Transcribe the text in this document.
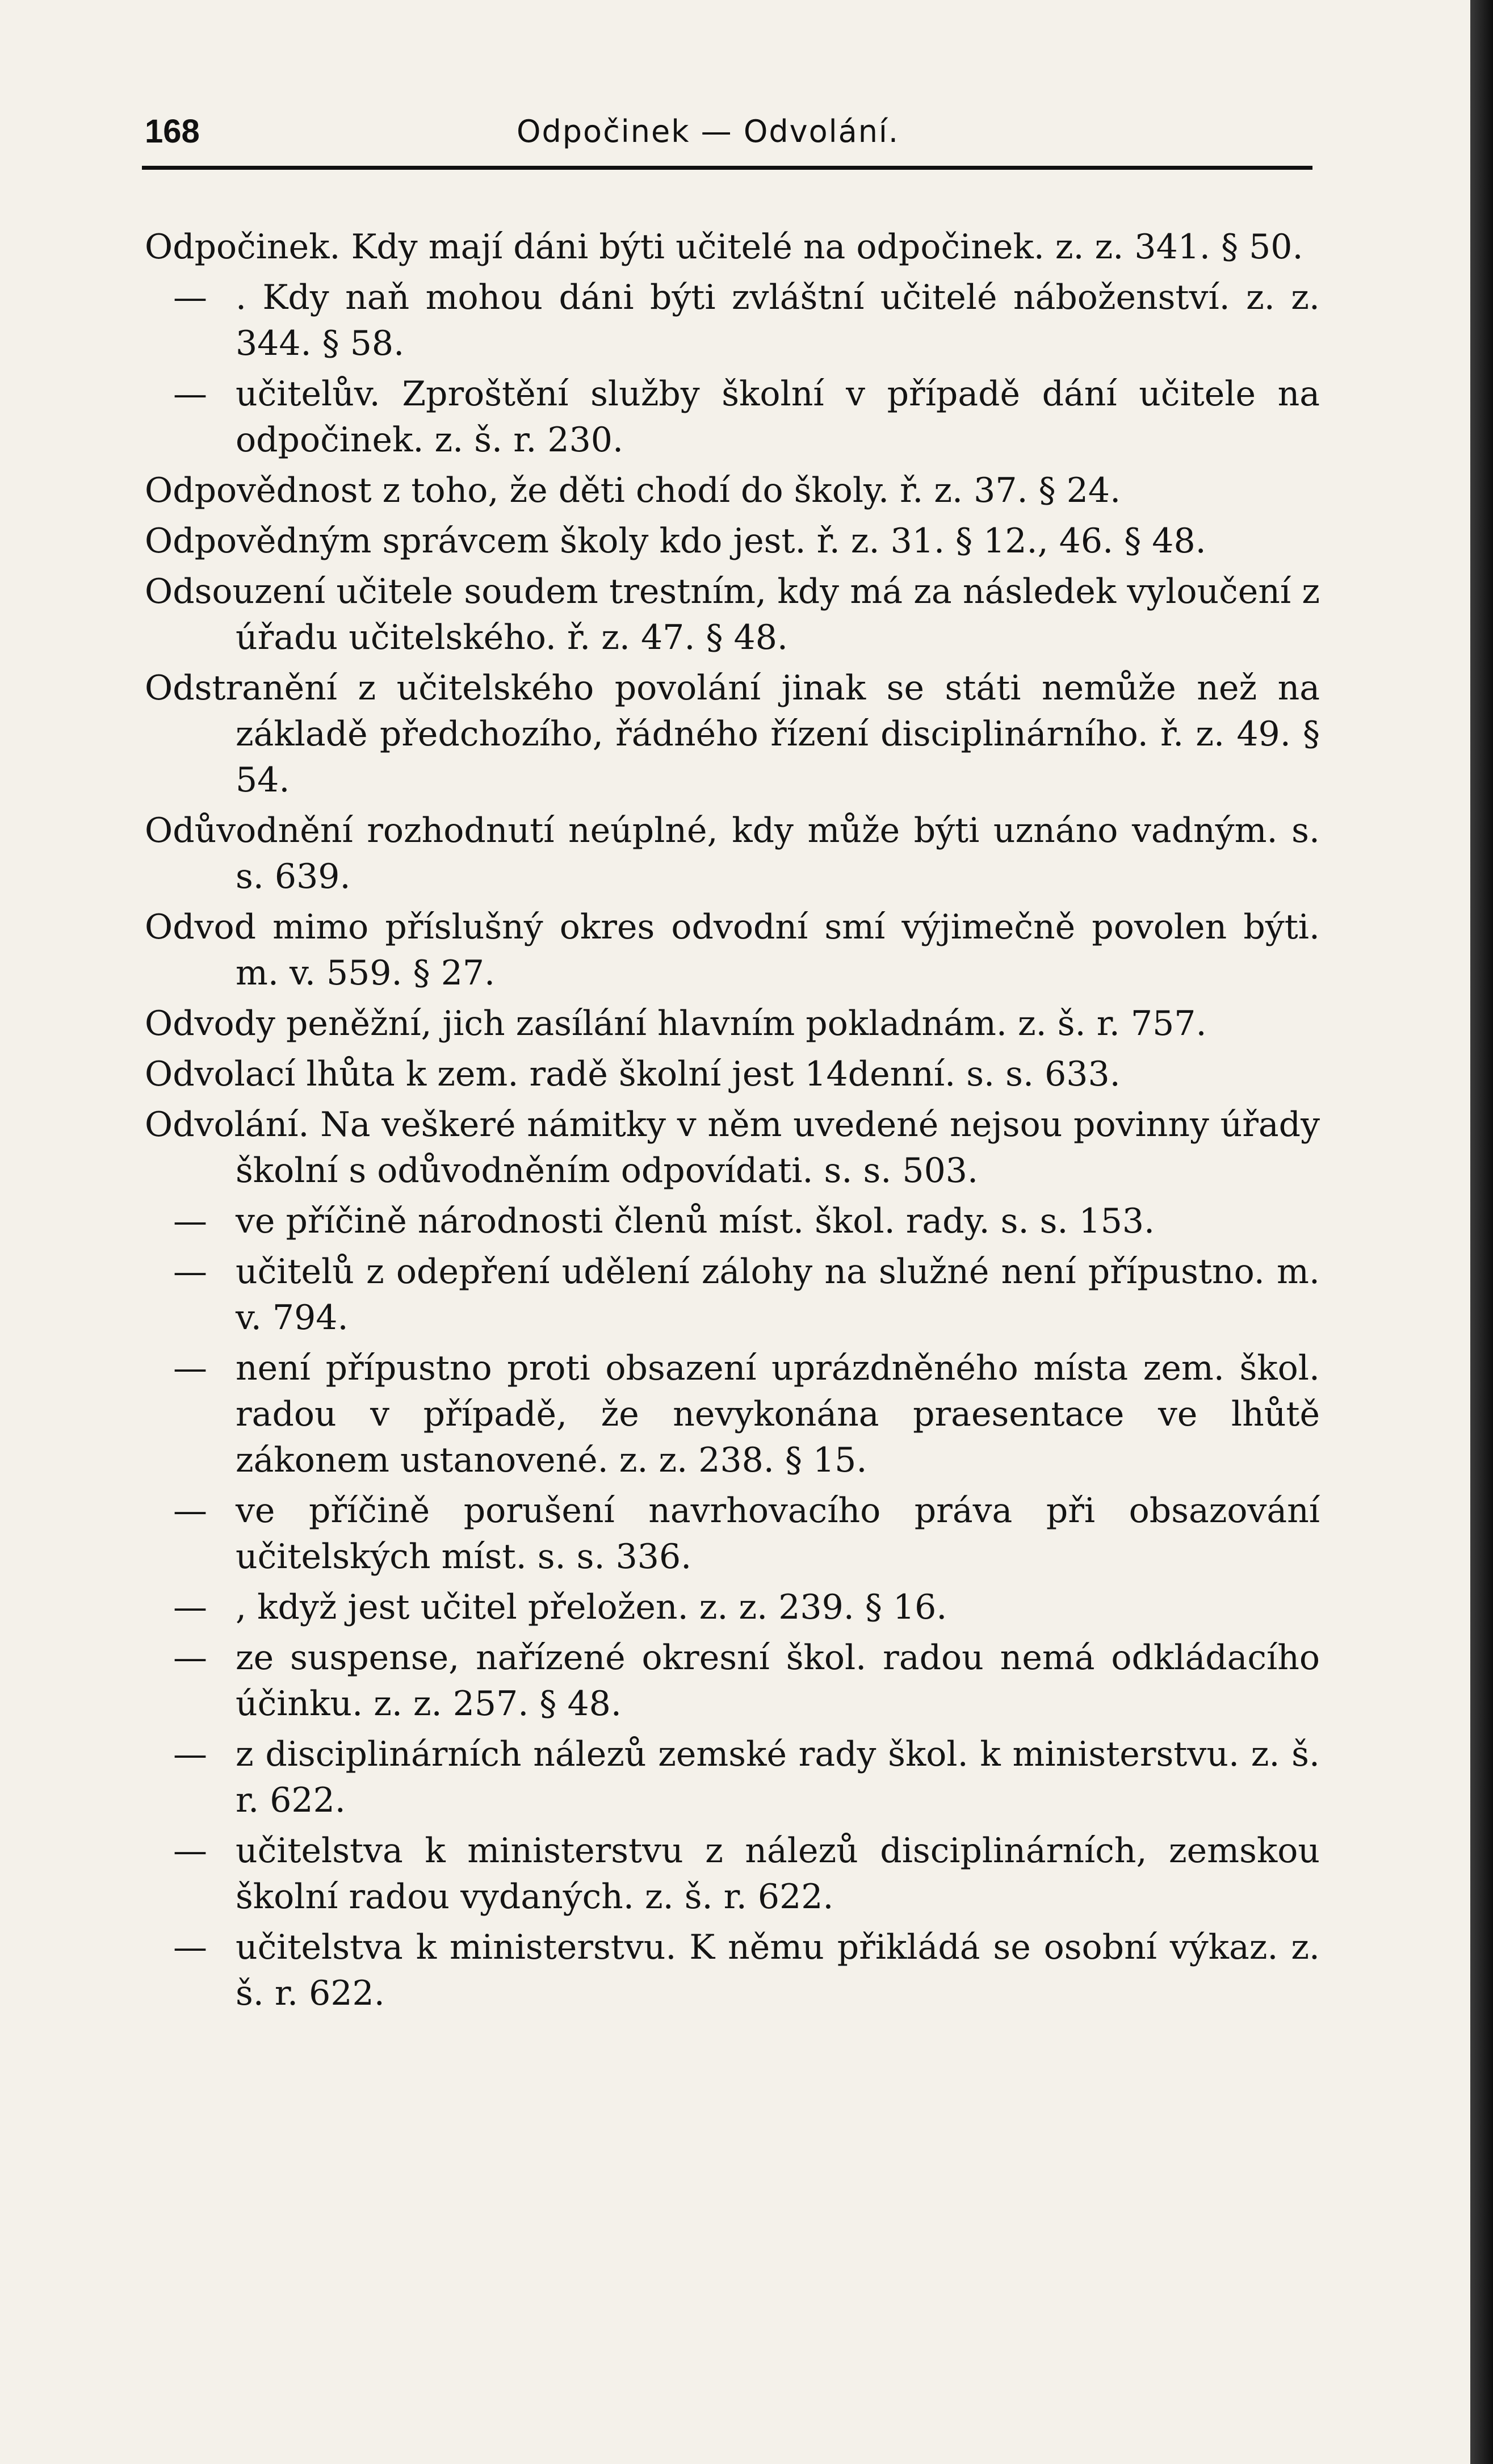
168	Odpočinek — Odvolání.
Odpočinek. Kdy mají dáni býti učitelé na odpočinek. z. z. 341. § 50.
— . Kdy naň mohou dáni býti zvláštní učitelé náboženství. z. z. 344. § 58.
— učitelův. Zproštění služby školní v případě dání učitele na odpočinek. z. š. r. 230.
Odpovědnost z toho, že děti chodí do školy. ř. z. 37. § 24.
Odpovědným správcem školy kdo jest. ř. z. 31. § 12., 46. § 48.
Odsouzení učitele soudem trestním, kdy má za následek vyloučení z úřadu učitelského. ř. z. 47. § 48.
Odstranění z učitelského povolání jinak se státi nemůže než na základě předchozího, řádného řízení disciplinárního. ř. z. 49. § 54.
Odůvodnění rozhodnutí neúplné, kdy může býti uznáno vadným. s. s. 639.
Odvod mimo příslušný okres odvodní smí výjimečně povolen býti. m. v. 559. § 27.
Odvody peněžní, jich zasílání hlavním pokladnám. z. š. r. 757.
Odvolací lhůta k zem. radě školní jest 14denní. s. s. 633.
Odvolání. Na veškeré námitky v něm uvedené nejsou povinny úřady školní s odůvodněním odpovídati. s. s. 503.
— ve příčině národnosti členů míst. škol. rady. s. s. 153.
— učitelů z odepření udělení zálohy na služné není přípustno. m. v. 794.
— není přípustno proti obsazení uprázdněného místa zem. škol. radou v případě, že nevykonána praesentace ve lhůtě zákonem ustanovené. z. z. 238. § 15.
— ve příčině porušení navrhovacího práva při obsazování učitelských míst. s. s. 336.
— , když jest učitel přeložen. z. z. 239. § 16.
— ze suspense, nařízené okresní škol. radou nemá odkládacího účinku. z. z. 257. § 48.
— z disciplinárních nálezů zemské rady škol. k ministerstvu. z. š. r. 622.
— učitelstva k ministerstvu z nálezů disciplinárních, zemskou školní radou vydaných. z. š. r. 622.
— učitelstva k ministerstvu. K němu přikládá se osobní výkaz. z. š. r. 622.
